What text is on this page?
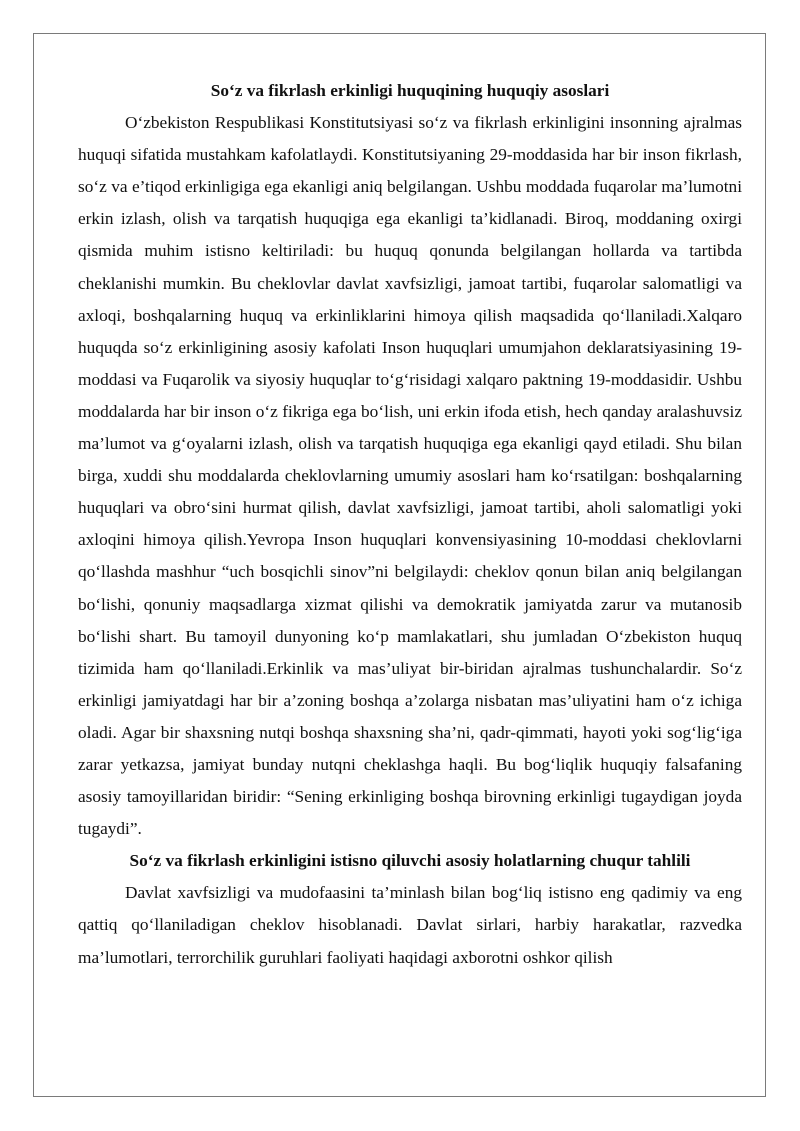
So‘z va fikrlash erkinligi huquqining huquqiy asoslari

O‘zbekiston Respublikasi Konstitutsiyasi so‘z va fikrlash erkinligini insonning ajralmas huquqi sifatida mustahkam kafolatlaydi. Konstitutsiyaning 29-moddasida har bir inson fikrlash, so‘z va e’tiqod erkinligiga ega ekanligi aniq belgilangan. Ushbu moddada fuqarolar ma’lumotni erkin izlash, olish va tarqatish huquqiga ega ekanligi ta’kidlanadi. Biroq, moddaning oxirgi qismida muhim istisno keltiriladi: bu huquq qonunda belgilangan hollarda va tartibda cheklanishi mumkin. Bu cheklovlar davlat xavfsizligi, jamoat tartibi, fuqarolar salomatligi va axloqi, boshqalarning huquq va erkinliklarini himoya qilish maqsadida qo‘llaniladi.Xalqaro huquqda so‘z erkinligining asosiy kafolati Inson huquqlari umumjahon deklaratsiyasining 19-moddasi va Fuqarolik va siyosiy huquqlar to‘g‘risidagi xalqaro paktning 19-moddasidir. Ushbu moddalarda har bir inson o‘z fikriga ega bo‘lish, uni erkin ifoda etish, hech qanday aralashuvsiz ma’lumot va g‘oyalarni izlash, olish va tarqatish huquqiga ega ekanligi qayd etiladi. Shu bilan birga, xuddi shu moddalarda cheklovlarning umumiy asoslari ham ko‘rsatilgan: boshqalarning huquqlari va obro‘sini hurmat qilish, davlat xavfsizligi, jamoat tartibi, aholi salomatligi yoki axloqini himoya qilish.Yevropa Inson huquqlari konvensiyasining 10-moddasi cheklovlarni qo‘llashda mashhur “uch bosqichli sinov”ni belgilaydi: cheklov qonun bilan aniq belgilangan bo‘lishi, qonuniy maqsadlarga xizmat qilishi va demokratik jamiyatda zarur va mutanosib bo‘lishi shart. Bu tamoyil dunyoning ko‘p mamlakatlari, shu jumladan O‘zbekiston huquq tizimida ham qo‘llaniladi.Erkinlik va mas’uliyat bir-biridan ajralmas tushunchalardir. So‘z erkinligi jamiyatdagi har bir a’zoning boshqa a’zolarga nisbatan mas’uliyatini ham o‘z ichiga oladi. Agar bir shaxsning nutqi boshqa shaxsning sha’ni, qadr-qimmati, hayoti yoki sog‘lig‘iga zarar yetkazsa, jamiyat bunday nutqni cheklashga haqli. Bu bog‘liqlik huquqiy falsafaning asosiy tamoyillaridan biridir: “Sening erkinliging boshqa birovning erkinligi tugaydigan joyda tugaydi”.

So‘z va fikrlash erkinligini istisno qiluvchi asosiy holatlarning chuqur tahlili

Davlat xavfsizligi va mudofaasini ta’minlash bilan bog‘liq istisno eng qadimiy va eng qattiq qo‘llaniladigan cheklov hisoblanadi. Davlat sirlari, harbiy harakatlar, razvedka ma’lumotlari, terrorchilik guruhlari faoliyati haqidagi axborotni oshkor qilish
